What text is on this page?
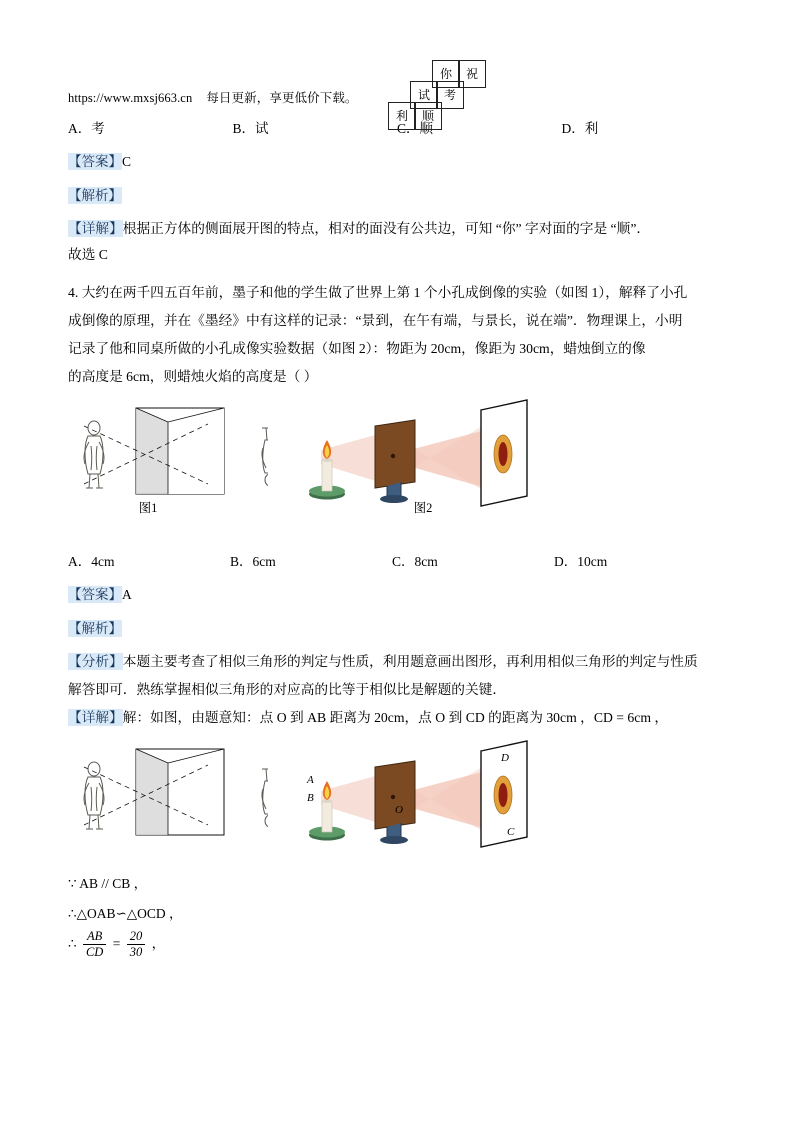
https://www.mxsj663.cn 每日更新，享更低价下载。
你	祝
试	考
利	顺
A．考	B．试	C．顺	D．利
【答案】C
【解析】
【详解】根据正方体的侧面展开图的特点，相对的面没有公共边，可知 “你” 字对面的字是 “顺”．
故选 C
4. 大约在两千四五百年前，墨子和他的学生做了世界上第 1 个小孔成倒像的实验（如图 1），解释了小孔
成倒像的原理，并在《墨经》中有这样的记录：“景到，在午有端，与景长，说在端”．物理课上，小明
记录了他和同桌所做的小孔成像实验数据（如图 2）：物距为 20cm，像距为 30cm，蜡烛倒立的像
的高度是 6cm，则蜡烛火焰的高度是（ ）
图1	图2
A．4cm	B．6cm	C．8cm	D．10cm
【答案】A
【解析】
【分析】本题主要考查了相似三角形的判定与性质，利用题意画出图形，再利用相似三角形的判定与性质
解答即可．熟练掌握相似三角形的对应高的比等于相似比是解题的关键．
【详解】解：如图，由题意知：点 O 到 AB 距离为 20cm，点 O 到 CD 的距离为 30cm ，CD = 6cm ，
A
B
O
D
C
∵ AB // CB ，
∴△OAB∽△OCD ，
∴ $\frac{AB}{CD} = \frac{20}{30}$ ，
